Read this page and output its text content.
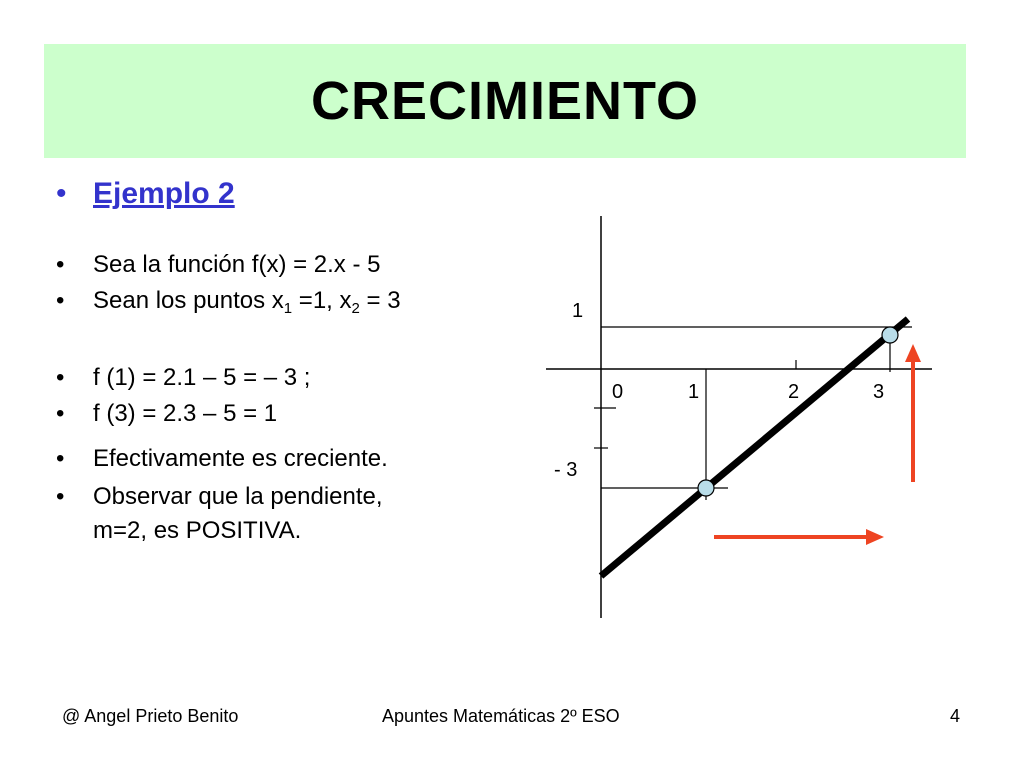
CRECIMIENTO
• Ejemplo 2
• Sea la función f(x) = 2.x - 5
• Sean los puntos $x_1 =1$, $x_2 = 3$
• f (1) = 2.1 – 5 = – 3 ;
• f (3) = 2.3 – 5 = 1
• Efectivamente es creciente.
• Observar que la pendiente,
m=2, es POSITIVA.
1
- 3
0	1	2	3
@ Angel Prieto Benito	Apuntes Matemáticas 2º ESO	4
